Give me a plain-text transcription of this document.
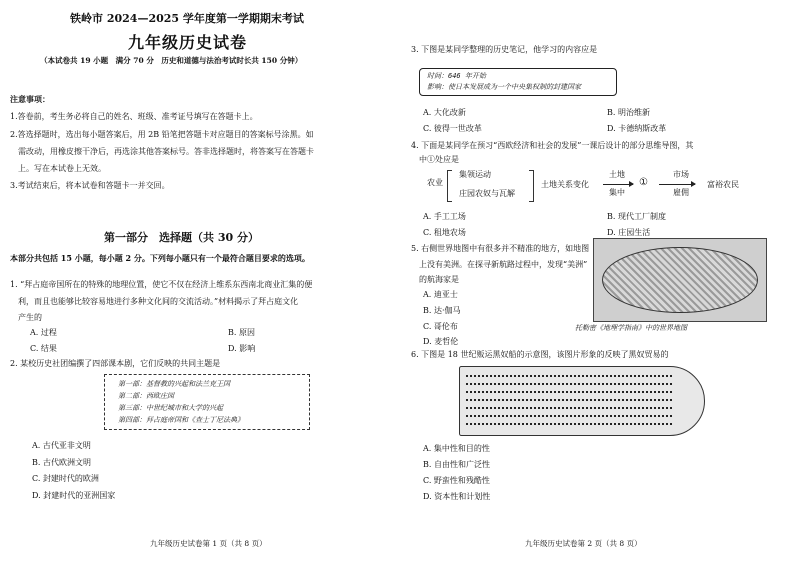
铁岭市 2024—2025 学年度第一学期期末考试
九年级历史试卷
（本试卷共 19 小题　满分 70 分　历史和道德与法治考试时长共 150 分钟）
注意事项：
1.答卷前，考生务必将自己的姓名、班级、准考证号填写在答题卡上。
2.答选择题时，选出每小题答案后，用 2B 铅笔把答题卡对应题目的答案标号涂黑。如
　需改动，用橡皮擦干净后，再选涂其他答案标号。答非选择题时，将答案写在答题卡
　上。写在本试卷上无效。
3.考试结束后，将本试卷和答题卡一并交回。
第一部分　选择题（共 30 分）
本部分共包括 15 小题，每小题 2 分。下列每小题只有一个最符合题目要求的选项。
1. “拜占庭帝国所在的特殊的地理位置，使它不仅在经济上维系东西南北商业汇集的便
　利，而且也能够比较容易地进行多种文化间的交流活动。”材料揭示了拜占庭文化
　产生的
A. 过程	B. 原因
C. 结果	D. 影响
2. 某校历史社团编撰了四部课本剧，它们反映的共同主题是
第一部：基督教的兴起和法兰克王国
第二部：西欧庄园
第三部：中世纪城市和大学的兴起
第四部：拜占庭帝国和《查士丁尼法典》
A. 古代亚非文明
B. 古代欧洲文明
C. 封建时代的欧洲
D. 封建时代的亚洲国家
九年级历史试卷第 1 页（共 8 页）
3. 下图是某同学整理的历史笔记，他学习的内容应是
时间：646 年开始
影响：使日本发展成为一个中央集权制的封建国家
A. 大化改新	B. 明治维新
C. 彼得一世改革	D. 卡德纳斯改革
4. 下面是某同学在预习“西欧经济和社会的发展”一课后设计的部分思维导图，其
　中①处应是
农业
集领运动
庄园农奴与瓦解
土地关系变化
土地
集中
①
市场
雇佣
富裕农民
A. 手工工场	B. 现代工厂制度
C. 租地农场	D. 庄园生活
5. 右侧世界地图中有很多并不精准的地方，如地图
　上没有美洲。在探寻新航路过程中，发现“美洲”
　的航海家是
A. 迪亚士
B. 达·伽马
C. 哥伦布
D. 麦哲伦
托勒密《地理学指南》中的世界地图
6. 下图是 18 世纪贩运黑奴船的示意图，该图片形象的反映了黑奴贸易的
A. 集中性和目的性
B. 自由性和广泛性
C. 野蛮性和残酷性
D. 资本性和计划性
九年级历史试卷第 2 页（共 8 页）
